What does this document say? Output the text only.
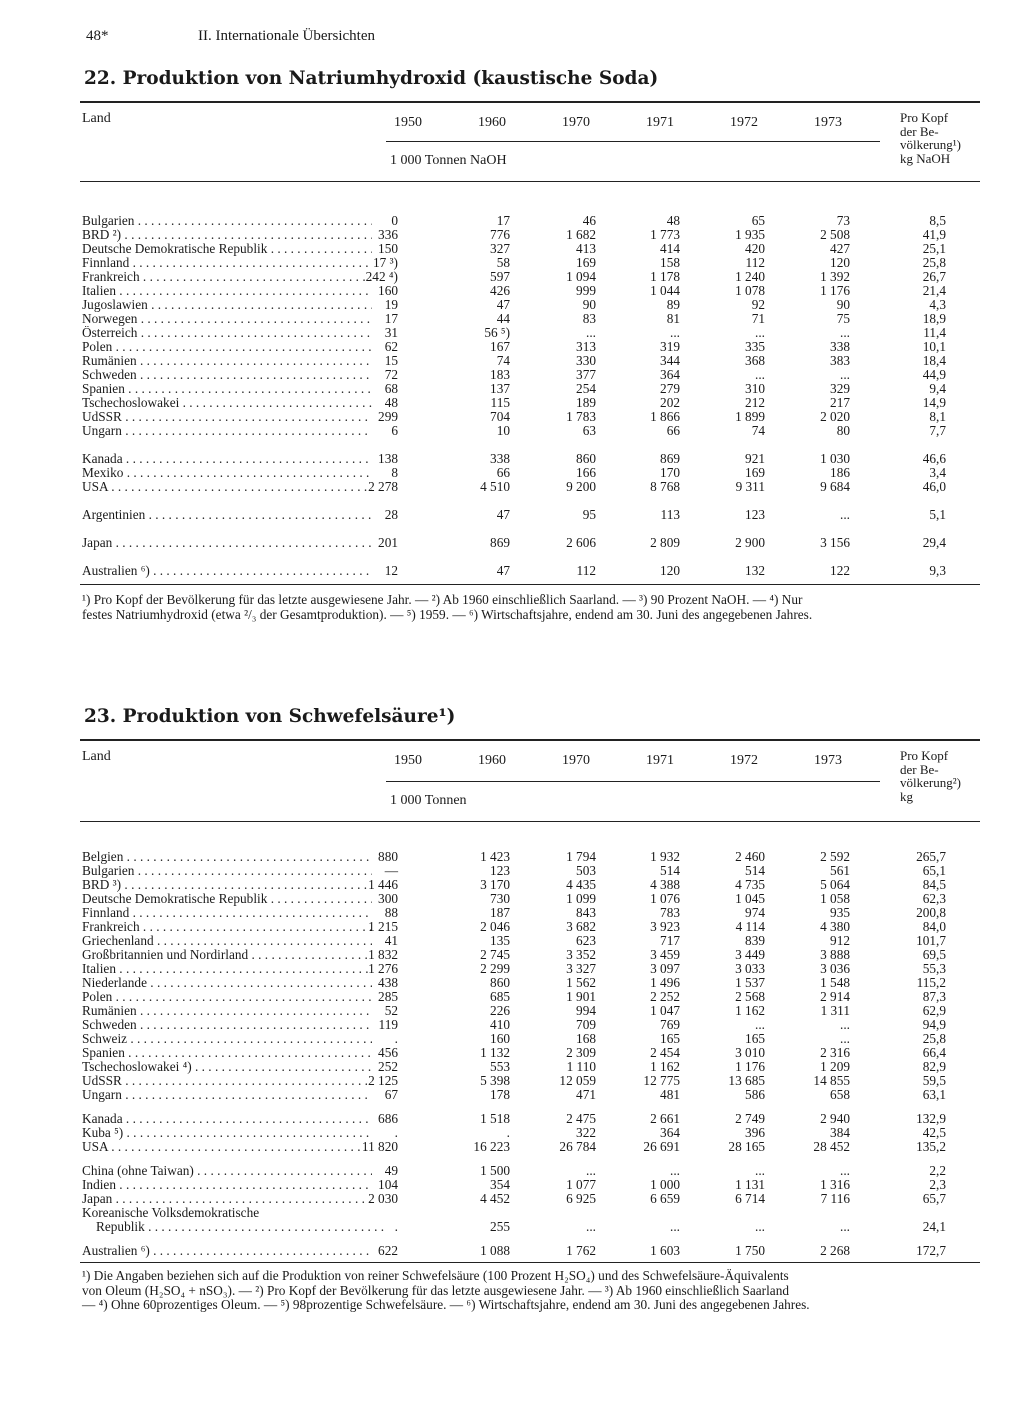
48*	II. Internationale Übersichten
22. Produktion von Natriumhydroxid (kaustische Soda)
Land	1950	1960	1970	1971	1972	1973
1 000 Tonnen NaOH
Pro Kopf
der Be-
völkerung¹)
kg NaOH
Bulgarien . . .	0	17	46	48	65	73	8,5
BRD ²) . . .	336	776	1 682	1 773	1 935	2 508	41,9
Deutsche Demokratische Republik . . .	150	327	413	414	420	427	25,1
Finnland . . .	17 ³)	58	169	158	112	120	25,8
Frankreich . . .	242 ⁴)	597	1 094	1 178	1 240	1 392	26,7
Italien . . .	160	426	999	1 044	1 078	1 176	21,4
Jugoslawien . . .	19	47	90	89	92	90	4,3
Norwegen . . .	17	44	83	81	71	75	18,9
Österreich . . .	31	56 ⁵)	...	...	...	...	11,4
Polen . . .	62	167	313	319	335	338	10,1
Rumänien . . .	15	74	330	344	368	383	18,4
Schweden . . .	72	183	377	364	...	...	44,9
Spanien . . .	68	137	254	279	310	329	9,4
Tschechoslowakei . . .	48	115	189	202	212	217	14,9
UdSSR . . .	299	704	1 783	1 866	1 899	2 020	8,1
Ungarn . . .	6	10	63	66	74	80	7,7
Kanada . . .	138	338	860	869	921	1 030	46,6
Mexiko . . .	8	66	166	170	169	186	3,4
USA . . .	2 278	4 510	9 200	8 768	9 311	9 684	46,0
Argentinien . . .	28	47	95	113	123	...	5,1
Japan . . .	201	869	2 606	2 809	2 900	3 156	29,4
Australien ⁶) . . .	12	47	112	120	132	122	9,3
¹) Pro Kopf der Bevölkerung für das letzte ausgewiesene Jahr. — ²) Ab 1960 einschließlich Saarland. — ³) 90 Prozent NaOH. — ⁴) Nur
festes Natriumhydroxid (etwa ²/₃ der Gesamtproduktion). — ⁵) 1959. — ⁶) Wirtschaftsjahre, endend am 30. Juni des angegebenen Jahres.
23. Produktion von Schwefelsäure¹)
Land	1950	1960	1970	1971	1972	1973
1 000 Tonnen
Pro Kopf
der Be-
völkerung²)
kg
Belgien . . .	880	1 423	1 794	1 932	2 460	2 592	265,7
Bulgarien . . .	—	123	503	514	514	561	65,1
BRD ³) . . .	1 446	3 170	4 435	4 388	4 735	5 064	84,5
Deutsche Demokratische Republik . . .	300	730	1 099	1 076	1 045	1 058	62,3
Finnland . . .	88	187	843	783	974	935	200,8
Frankreich . . .	1 215	2 046	3 682	3 923	4 114	4 380	84,0
Griechenland . . .	41	135	623	717	839	912	101,7
Großbritannien und Nordirland . . .	1 832	2 745	3 352	3 459	3 449	3 888	69,5
Italien . . .	1 276	2 299	3 327	3 097	3 033	3 036	55,3
Niederlande . . .	438	860	1 562	1 496	1 537	1 548	115,2
Polen . . .	285	685	1 901	2 252	2 568	2 914	87,3
Rumänien . . .	52	226	994	1 047	1 162	1 311	62,9
Schweden . . .	119	410	709	769	...	...	94,9
Schweiz . . .	.	160	168	165	165	...	25,8
Spanien . . .	456	1 132	2 309	2 454	3 010	2 316	66,4
Tschechoslowakei ⁴) . . .	252	553	1 110	1 162	1 176	1 209	82,9
UdSSR . . .	2 125	5 398	12 059	12 775	13 685	14 855	59,5
Ungarn . . .	67	178	471	481	586	658	63,1
Kanada . . .	686	1 518	2 475	2 661	2 749	2 940	132,9
Kuba ⁵) . . .	.	.	322	364	396	384	42,5
USA . . .	11 820	16 223	26 784	26 691	28 165	28 452	135,2
China (ohne Taiwan) . . .	49	1 500	...	...	...	...	2,2
Indien . . .	104	354	1 077	1 000	1 131	1 316	2,3
Japan . . .	2 030	4 452	6 925	6 659	6 714	7 116	65,7
Koreanische Volksdemokratische
Republik . . .	.	255	...	...	...	...	24,1
Australien ⁶) . . .	622	1 088	1 762	1 603	1 750	2 268	172,7
¹) Die Angaben beziehen sich auf die Produktion von reiner Schwefelsäure (100 Prozent H₂SO₄) und des Schwefelsäure-Äquivalents
von Oleum (H₂SO₄ + nSO₃). — ²) Pro Kopf der Bevölkerung für das letzte ausgewiesene Jahr. — ³) Ab 1960 einschließlich Saarland
— ⁴) Ohne 60prozentiges Oleum. — ⁵) 98prozentige Schwefelsäure. — ⁶) Wirtschaftsjahre, endend am 30. Juni des angegebenen Jahres.
